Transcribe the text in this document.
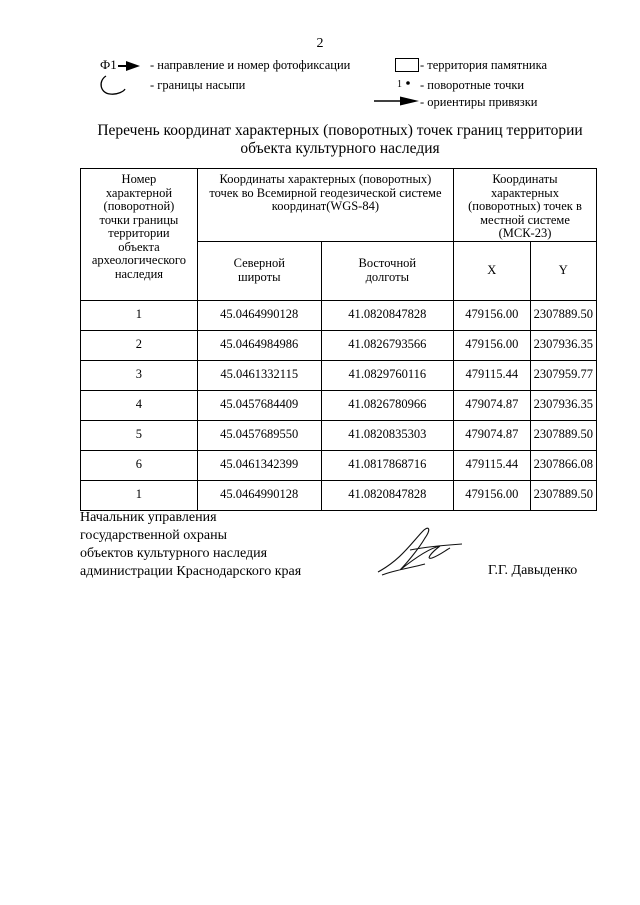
2
Ф1	- направление и номер фотофиксации
- границы насыпи
- территория памятника
1	- поворотные точки
- ориентиры привязки
Перечень координат характерных (поворотных) точек границ территории
объекта культурного наследия
Номер характерной (поворотной) точки границы территории объекта археологического наследия	Координаты характерных (поворотных) точек во Всемирной геодезической системе координат(WGS-84)		Координаты характерных (поворотных) точек в местной системе (МСК-23)	
	Северной широты	Восточной долготы	X	Y
1	45.0464990128	41.0820847828	479156.00	2307889.50
2	45.0464984986	41.0826793566	479156.00	2307936.35
3	45.0461332115	41.0829760116	479115.44	2307959.77
4	45.0457684409	41.0826780966	479074.87	2307936.35
5	45.0457689550	41.0820835303	479074.87	2307889.50
6	45.0461342399	41.0817868716	479115.44	2307866.08
1	45.0464990128	41.0820847828	479156.00	2307889.50
Начальник управления
государственной охраны
объектов культурного наследия
администрации Краснодарского края	Г.Г. Давыденко
